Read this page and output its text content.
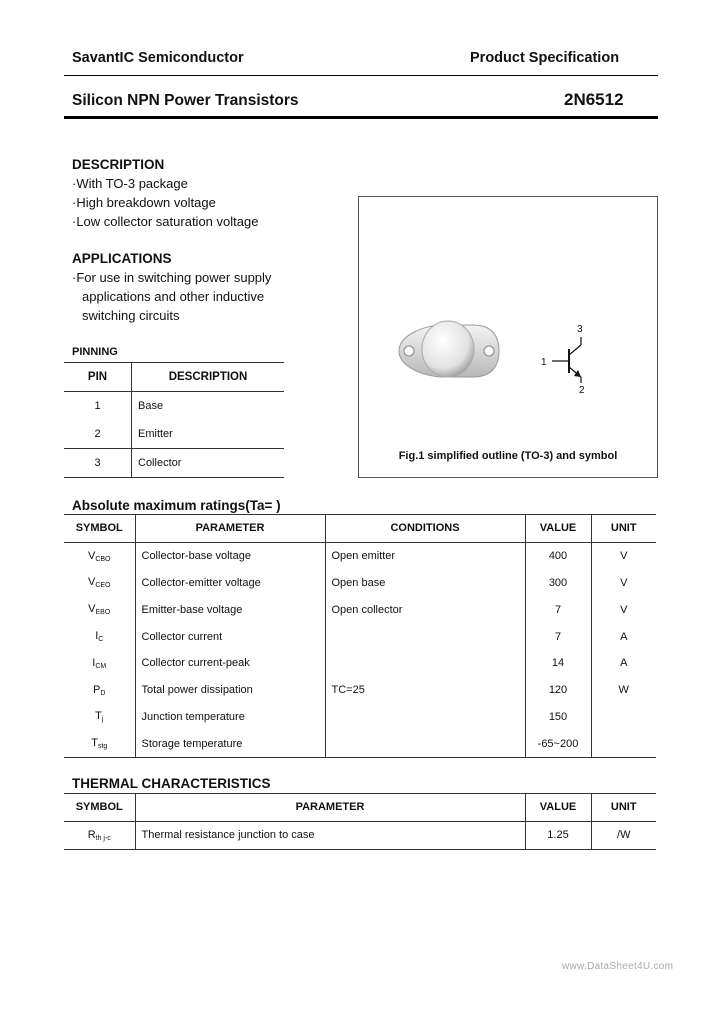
SavantIC Semiconductor	Product Specification
Silicon NPN Power Transistors	2N6512
DESCRIPTION
·With TO-3 package
·High breakdown voltage
·Low collector saturation voltage
APPLICATIONS
·For use in switching power supply
applications and other inductive
switching circuits
PINNING
PIN	DESCRIPTION
1	Base
2	Emitter
3	Collector
1
2
3
Fig.1 simplified outline (TO-3) and symbol
Absolute maximum ratings(Ta= )
SYMBOL	PARAMETER	CONDITIONS	VALUE	UNIT
VCBO	Collector-base voltage	Open emitter	400	V
VCEO	Collector-emitter voltage	Open base	300	V
VEBO	Emitter-base voltage	Open collector	7	V
IC	Collector current		7	A
ICM	Collector current-peak		14	A
PD	Total power dissipation	TC=25	120	W
Tj	Junction temperature		150	
Tstg	Storage temperature		-65~200	
THERMAL CHARACTERISTICS
SYMBOL	PARAMETER	VALUE	UNIT
Rth j-c	Thermal resistance junction to case	1.25	/W
www.DataSheet4U.com
